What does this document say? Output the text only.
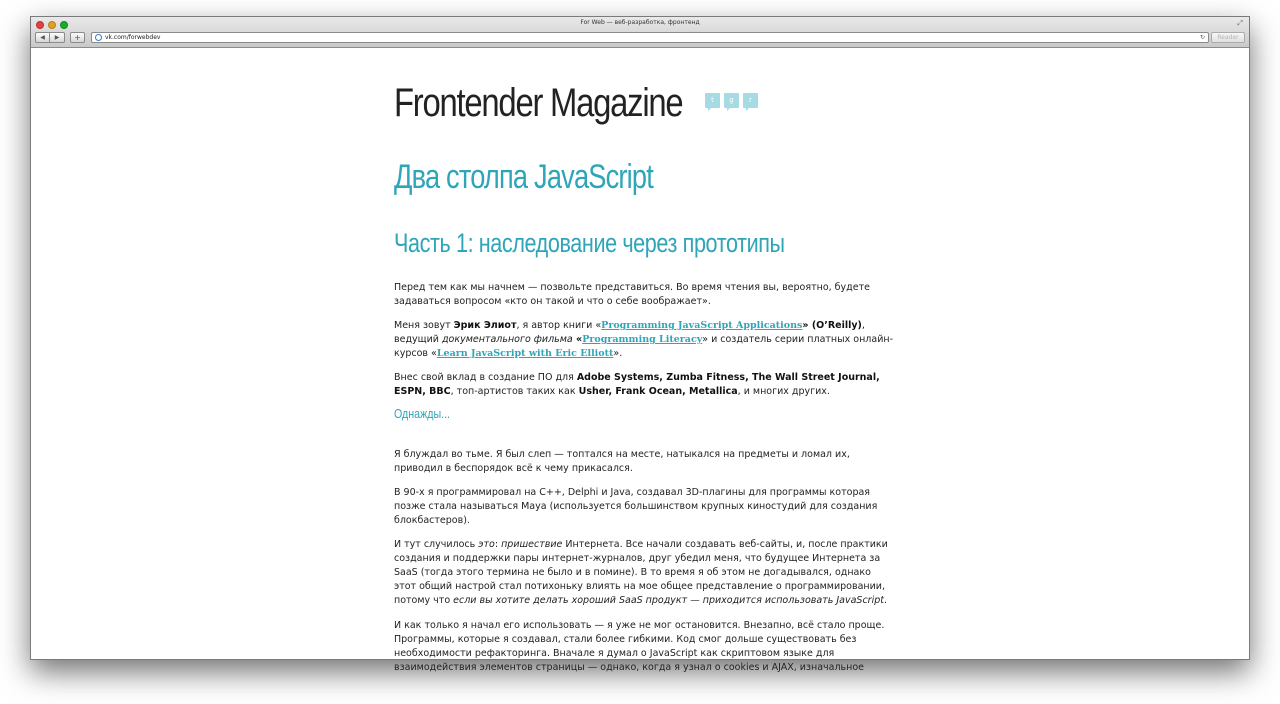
For Web — веб-разработка, фронтенд	⤢
◀	▶	+	vk.com/forwebdev	↻	Reader
Frontender Magazine	t	g	r
Два столпа JavaScript
Часть 1: наследование через прототипы

Перед тем как мы начнем — позвольте представиться. Во время чтения вы, вероятно, будете задаваться вопросом «кто он такой и что о себе воображает».

Меня зовут Эрик Элиот, я автор книги «Programming JavaScript Applications» (O’Reilly), ведущий документального фильма «Programming Literacy» и создатель серии платных онлайн-курсов «Learn JavaScript with Eric Elliott».

Внес свой вклад в создание ПО для Adobe Systems, Zumba Fitness, The Wall Street Journal, ESPN, BBC, топ-артистов таких как Usher, Frank Ocean, Metallica, и многих других.

Однажды...

Я блуждал во тьме. Я был слеп — топтался на месте, натыкался на предметы и ломал их, приводил в беспорядок всё к чему прикасался.

В 90-х я программировал на C++, Delphi и Java, создавал 3D-плагины для программы которая позже стала называться Maya (используется большинством крупных киностудий для создания блокбастеров).

И тут случилось это: пришествие Интернета. Все начали создавать веб-сайты, и, после практики создания и поддержки пары интернет-журналов, друг убедил меня, что будущее Интернета за SaaS (тогда этого термина не было и в помине). В то время я об этом не догадывался, однако этот общий настрой стал потихоньку влиять на мое общее представление о программировании, потому что если вы хотите делать хороший SaaS продукт — приходится использовать JavaScript.

И как только я начал его использовать — я уже не мог остановится. Внезапно, всё стало проще. Программы, которые я создавал, стали более гибкими. Код смог дольше существовать без необходимости рефакторинга. Вначале я думал о JavaScript как скриптовом языке для взаимодействия элементов страницы — однако, когда я узнал о cookies и AJAX, изначальное
